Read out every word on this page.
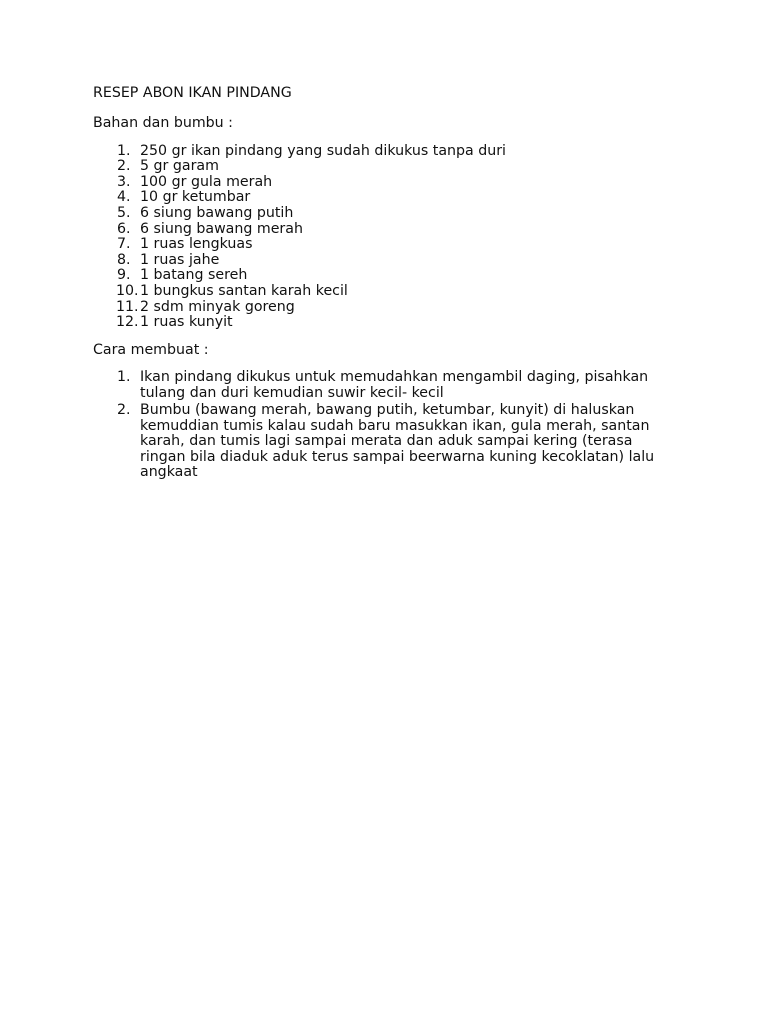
RESEP ABON IKAN PINDANG

Bahan dan bumbu :

1. 250 gr ikan pindang yang sudah dikukus tanpa duri
2. 5 gr garam
3. 100 gr gula merah
4. 10 gr ketumbar
5. 6 siung bawang putih
6. 6 siung bawang merah
7. 1 ruas lengkuas
8. 1 ruas jahe
9. 1 batang sereh
10. 1 bungkus santan karah kecil
11. 2 sdm minyak goreng
12. 1 ruas kunyit

Cara membuat :

1. Ikan pindang dikukus untuk memudahkan mengambil daging, pisahkan tulang dan duri kemudian suwir kecil- kecil
2. Bumbu (bawang merah, bawang putih, ketumbar, kunyit) di haluskan kemuddian tumis kalau sudah baru masukkan ikan, gula merah, santan karah, dan tumis lagi sampai merata dan aduk sampai kering (terasa ringan bila diaduk aduk terus sampai beerwarna kuning kecoklatan) lalu angkaat
